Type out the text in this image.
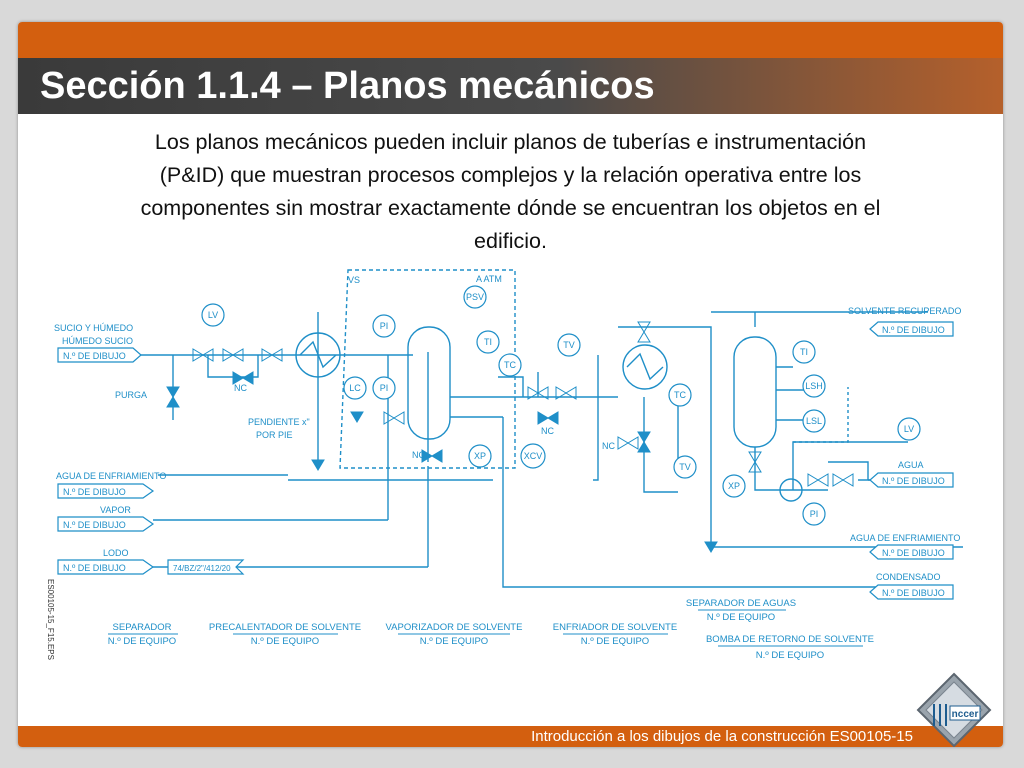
Sección 1.1.4 – Planos mecánicos
Los planos mecánicos pueden incluir planos de tuberías e instrumentación (P&ID) que muestran procesos complejos y la relación operativa entre los componentes sin mostrar exactamente dónde se encuentran los objetos en el edificio.
LV
PI
TI
TC
TV
PSV
LC PI
XP	XCV
TC
TV
TI
LSH
LSL
XP
PI
LV
VS	A ATM
PURGA
NC
NC
NC
NC
PENDIENTE x"
POR PIE
SUCIO Y HÚMEDO
HÚMEDO SUCIO
N.º DE DIBUJO
AGUA DE ENFRIAMIENTO
N.º DE DIBUJO
VAPOR
N.º DE DIBUJO
LODO
N.º DE DIBUJO	74/BZ/2"/412/20
SOLVENTE RECUPERADO
N.º DE DIBUJO
AGUA
N.º DE DIBUJO
AGUA DE ENFRIAMIENTO
N.º DE DIBUJO
CONDENSADO
N.º DE DIBUJO
SEPARADOR
N.º DE EQUIPO
PRECALENTADOR DE SOLVENTE
N.º DE EQUIPO
VAPORIZADOR DE SOLVENTE
N.º DE EQUIPO
ENFRIADOR DE SOLVENTE
N.º DE EQUIPO
SEPARADOR DE AGUAS
N.º DE EQUIPO
BOMBA DE RETORNO DE SOLVENTE
N.º DE EQUIPO
ES00105-15_F15.EPS
Introducción a los dibujos de la construcción ES00105-15
nccer
